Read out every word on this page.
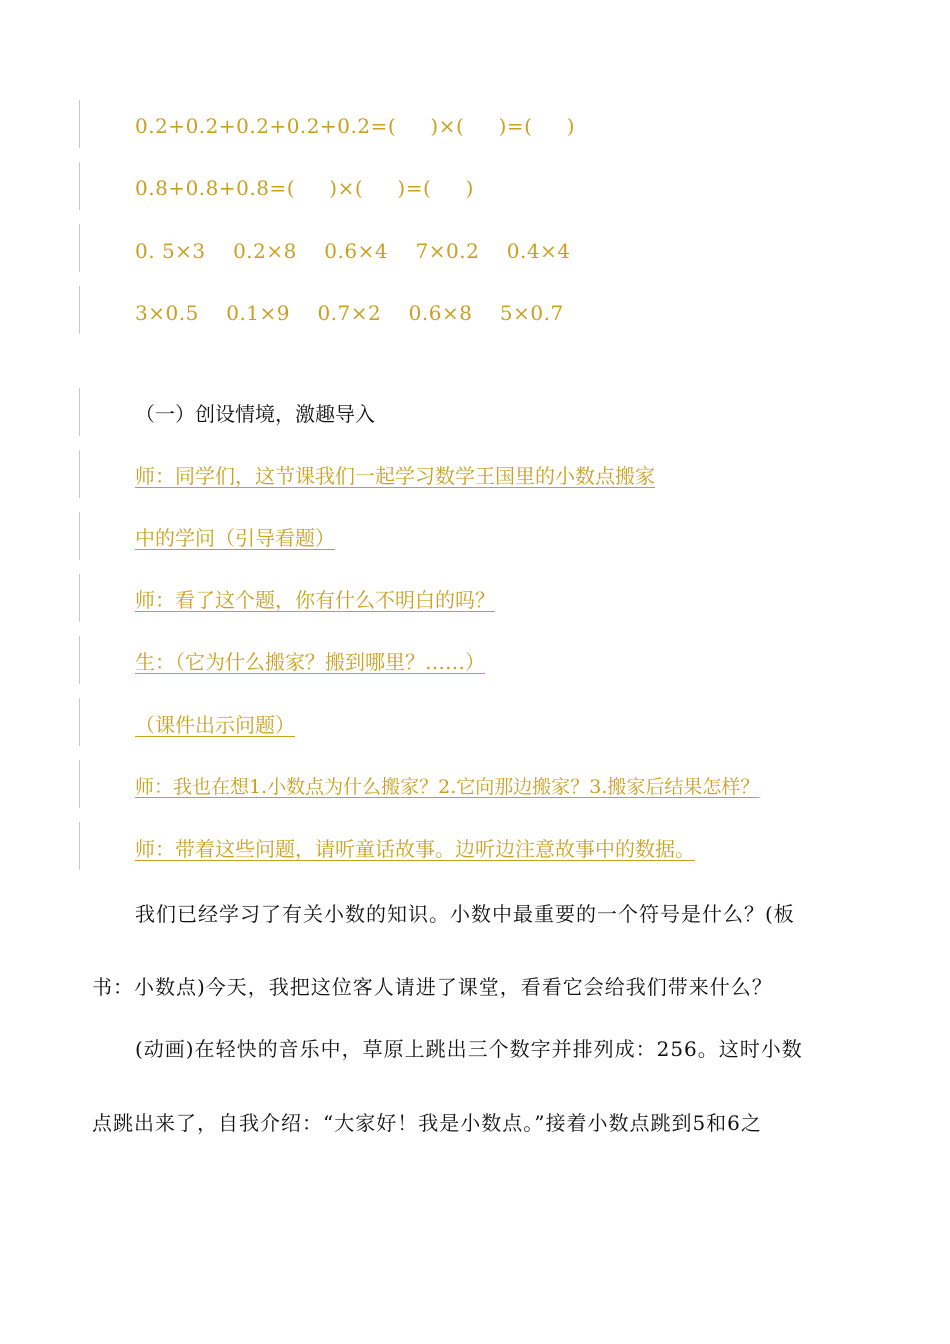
0.2+0.2+0.2+0.2+0.2=(     )×(     )=(     )
0.8+0.8+0.8=(     )×(     )=(     )
0. 5×3    0.2×8    0.6×4    7×0.2    0.4×4
3×0.5    0.1×9    0.7×2    0.6×8    5×0.7
（一）创设情境，激趣导入
师：同学们，这节课我们一起学习数学王国里的小数点搬家
中的学问（引导看题）
师：看了这个题，你有什么不明白的吗？
生：（它为什么搬家？搬到哪里？……）
（课件出示问题）
师：我也在想1.小数点为什么搬家？2.它向那边搬家？3.搬家后结果怎样？
师：带着这些问题，请听童话故事。边听边注意故事中的数据。
我们已经学习了有关小数的知识。小数中最重要的一个符号是什么？(板
书：小数点)今天，我把这位客人请进了课堂，看看它会给我们带来什么？
(动画)在轻快的音乐中，草原上跳出三个数字并排列成：256。这时小数
点跳出来了，自我介绍：“大家好！我是小数点。”接着小数点跳到5和6之
